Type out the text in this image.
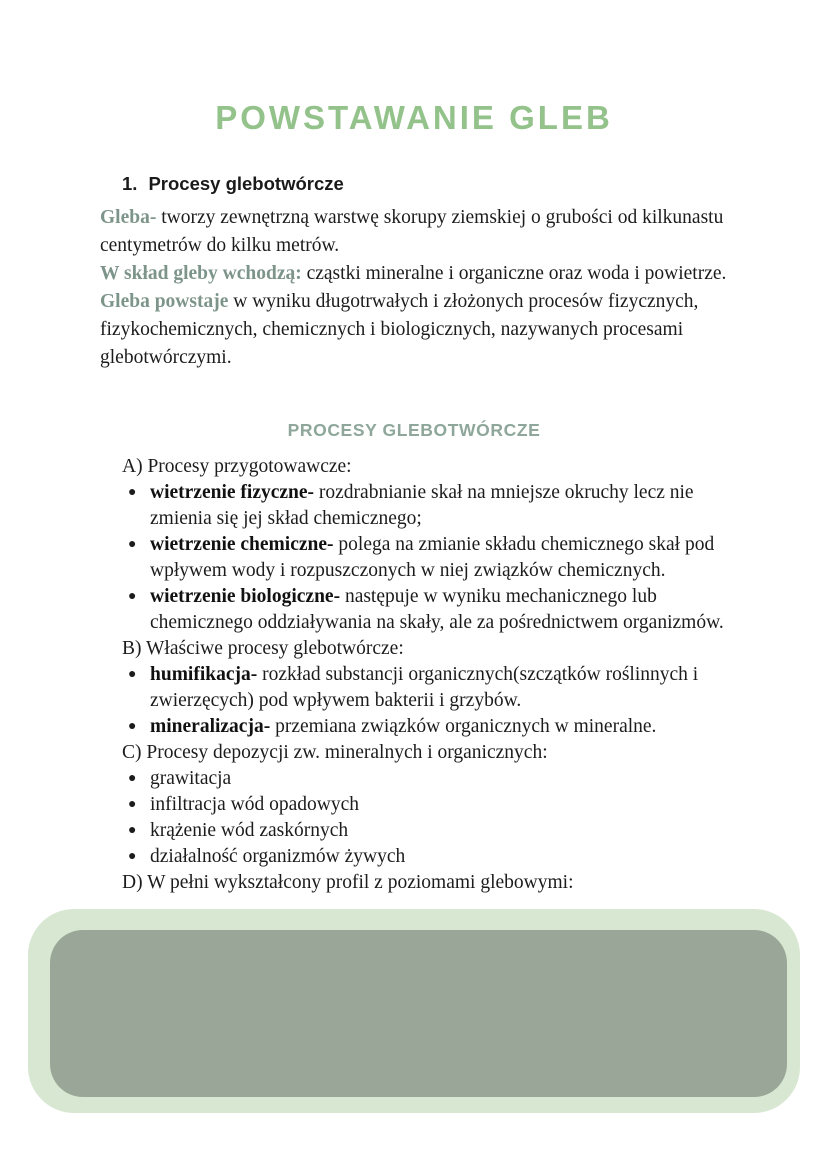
POWSTAWANIE GLEB
1. Procesy glebotwórcze

Gleba- tworzy zewnętrzną warstwę skorupy ziemskiej o grubości od kilkunastu centymetrów do kilku metrów.

W skład gleby wchodzą: cząstki mineralne i organiczne oraz woda i powietrze.

Gleba powstaje w wyniku długotrwałych i złożonych procesów fizycznych, fizykochemicznych, chemicznych i biologicznych, nazywanych procesami glebotwórczymi.

PROCESY GLEBOTWÓRCZE

A) Procesy przygotowawcze:

● wietrzenie fizyczne- rozdrabnianie skał na mniejsze okruchy lecz nie zmienia się jej skład chemicznego;
● wietrzenie chemiczne- polega na zmianie składu chemicznego skał pod wpływem wody i rozpuszczonych w niej związków chemicznych.
● wietrzenie biologiczne- następuje w wyniku mechanicznego lub chemicznego oddziaływania na skały, ale za pośrednictwem organizmów.

B) Właściwe procesy glebotwórcze:

● humifikacja- rozkład substancji organicznych(szczątków roślinnych i zwierzęcych) pod wpływem bakterii i grzybów.
● mineralizacja- przemiana związków organicznych w mineralne.

C) Procesy depozycji zw. mineralnych i organicznych:

● grawitacja
● infiltracja wód opadowych
● krążenie wód zaskórnych
● działalność organizmów żywych

D) W pełni wykształcony profil z poziomami glebowymi:
